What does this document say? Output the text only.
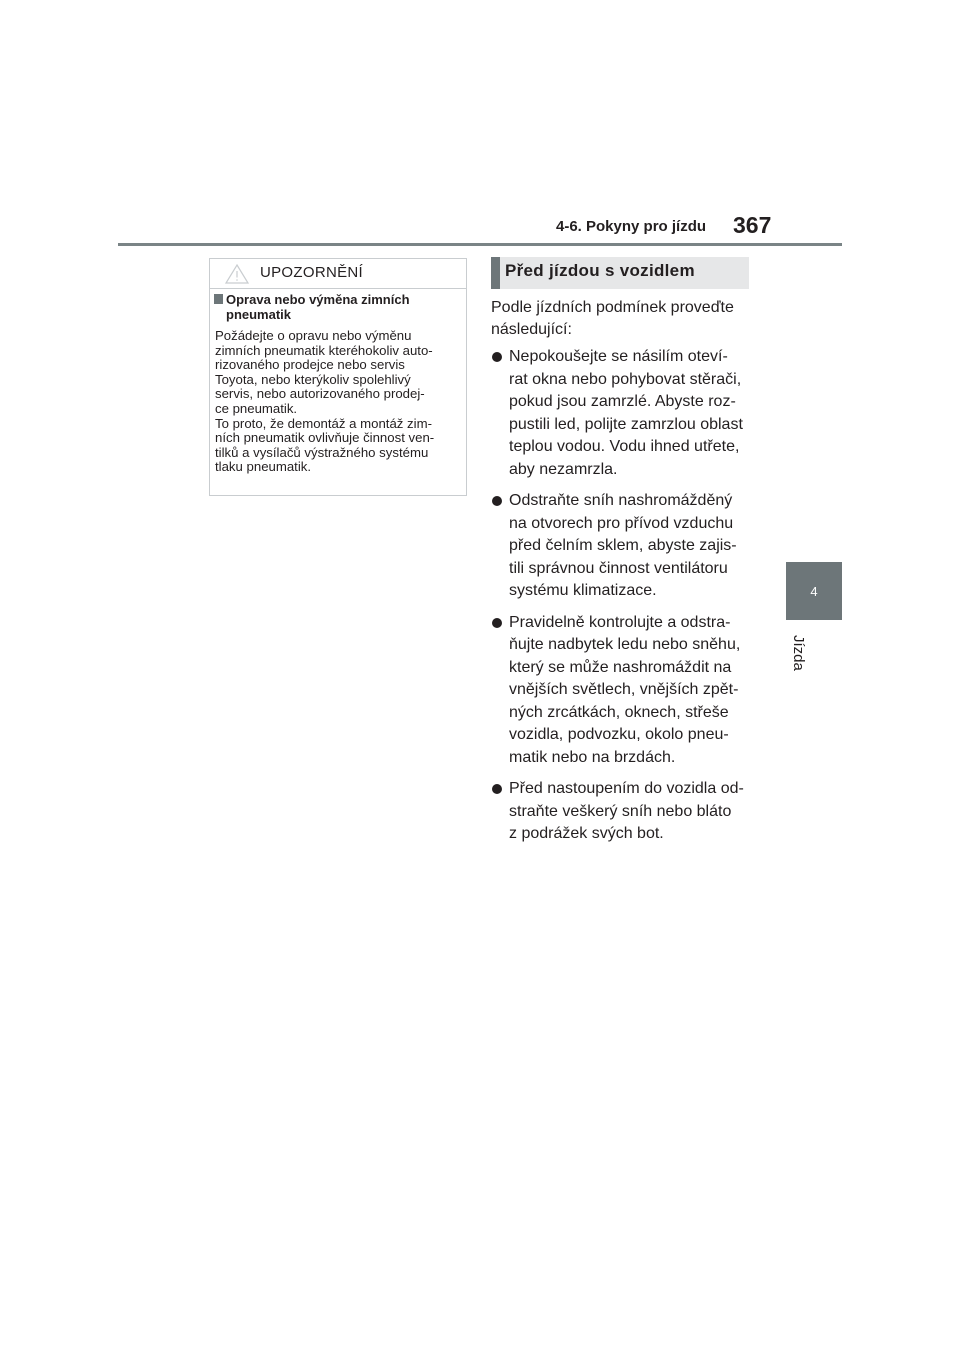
4-6. Pokyny pro jízdu 367
4
Jízda
UPOZORNĚNÍ
Oprava nebo výměna zimních
pneumatik

Požádejte o opravu nebo výměnu

zimních pneumatik kteréhokoliv auto-

rizovaného prodejce nebo servis

Toyota, nebo kterýkoliv spolehlivý

servis, nebo autorizovaného prodej-

ce pneumatik.

To proto, že demontáž a montáž zim-

ních pneumatik ovlivňuje činnost ven-

tilků a vysílačů výstražného systému

tlaku pneumatik.

Před jízdou s vozidlem
Podle jízdních podmínek proveďte
následující:
Nepokoušejte se násilím oteví-
rat okna nebo pohybovat stěrači,
pokud jsou zamrzlé. Abyste roz-
pustili led, polijte zamrzlou oblast
teplou vodou. Vodu ihned utřete,
aby nezamrzla.
Odstraňte sníh nashromážděný
na otvorech pro přívod vzduchu
před čelním sklem, abyste zajis-
tili správnou činnost ventilátoru
systému klimatizace.
Pravidelně kontrolujte a odstra-
ňujte nadbytek ledu nebo sněhu,
který se může nashromáždit na
vnějších světlech, vnějších zpět-
ných zrcátkách, oknech, střeše
vozidla, podvozku, okolo pneu-
matik nebo na brzdách.
Před nastoupením do vozidla od-
straňte veškerý sníh nebo bláto
z podrážek svých bot.
